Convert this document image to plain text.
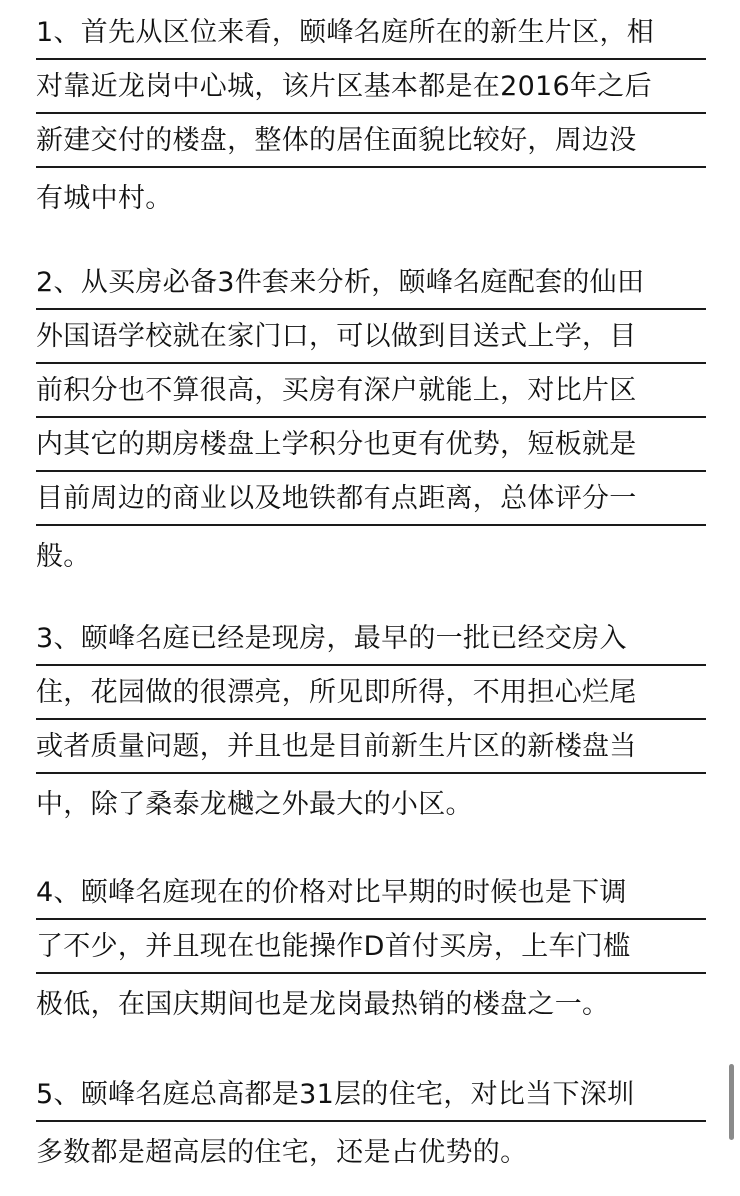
1、首先从区位来看，颐峰名庭所在的新生片区，相
对靠近龙岗中心城，该片区基本都是在2016年之后
新建交付的楼盘，整体的居住面貌比较好，周边没
有城中村。
2、从买房必备3件套来分析，颐峰名庭配套的仙田
外国语学校就在家门口，可以做到目送式上学，目
前积分也不算很高，买房有深户就能上，对比片区
内其它的期房楼盘上学积分也更有优势，短板就是
目前周边的商业以及地铁都有点距离，总体评分一
般。
3、颐峰名庭已经是现房，最早的一批已经交房入
住，花园做的很漂亮，所见即所得，不用担心烂尾
或者质量问题，并且也是目前新生片区的新楼盘当
中，除了桑泰龙樾之外最大的小区。
4、颐峰名庭现在的价格对比早期的时候也是下调
了不少，并且现在也能操作D首付买房，上车门槛
极低，在国庆期间也是龙岗最热销的楼盘之一。
5、颐峰名庭总高都是31层的住宅，对比当下深圳
多数都是超高层的住宅，还是占优势的。
